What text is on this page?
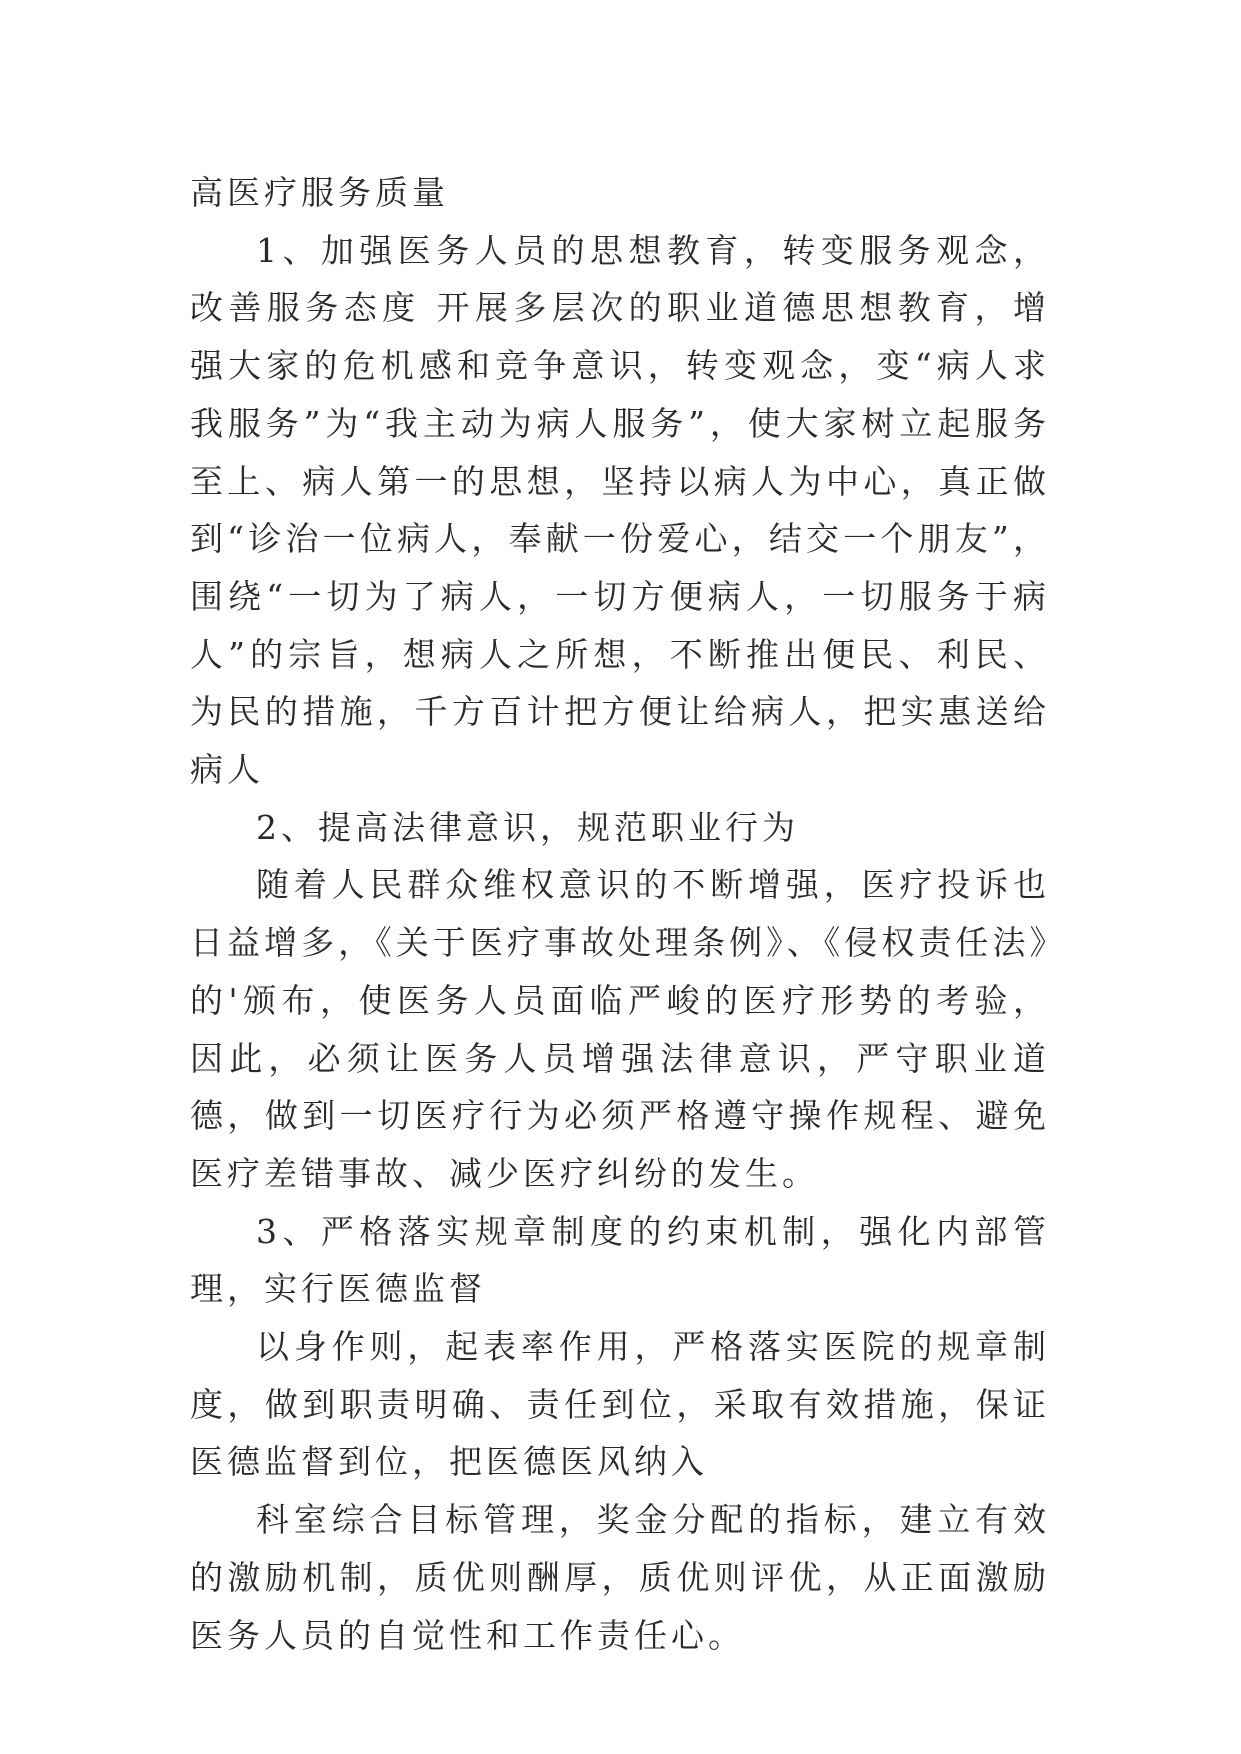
高医疗服务质量

1、加强医务人员的思想教育，转变服务观念，改善服务态度 开展多层次的职业道德思想教育，增强大家的危机感和竞争意识，转变观念，变“病人求我服务”为“我主动为病人服务”，使大家树立起服务至上、病人第一的思想，坚持以病人为中心，真正做到“诊治一位病人，奉献一份爱心，结交一个朋友”，围绕“一切为了病人，一切方便病人，一切服务于病人”的宗旨，想病人之所想，不断推出便民、利民、为民的措施，千方百计把方便让给病人，把实惠送给病人

2、提高法律意识，规范职业行为

随着人民群众维权意识的不断增强，医疗投诉也日益增多，《关于医疗事故处理条例》、《侵权责任法》的'颁布，使医务人员面临严峻的医疗形势的考验，因此，必须让医务人员增强法律意识，严守职业道德，做到一切医疗行为必须严格遵守操作规程、避免医疗差错事故、减少医疗纠纷的发生。

3、严格落实规章制度的约束机制，强化内部管理，实行医德监督

以身作则，起表率作用，严格落实医院的规章制度，做到职责明确、责任到位，采取有效措施，保证医德监督到位，把医德医风纳入

科室综合目标管理，奖金分配的指标，建立有效的激励机制，质优则酬厚，质优则评优，从正面激励医务人员的自觉性和工作责任心。
